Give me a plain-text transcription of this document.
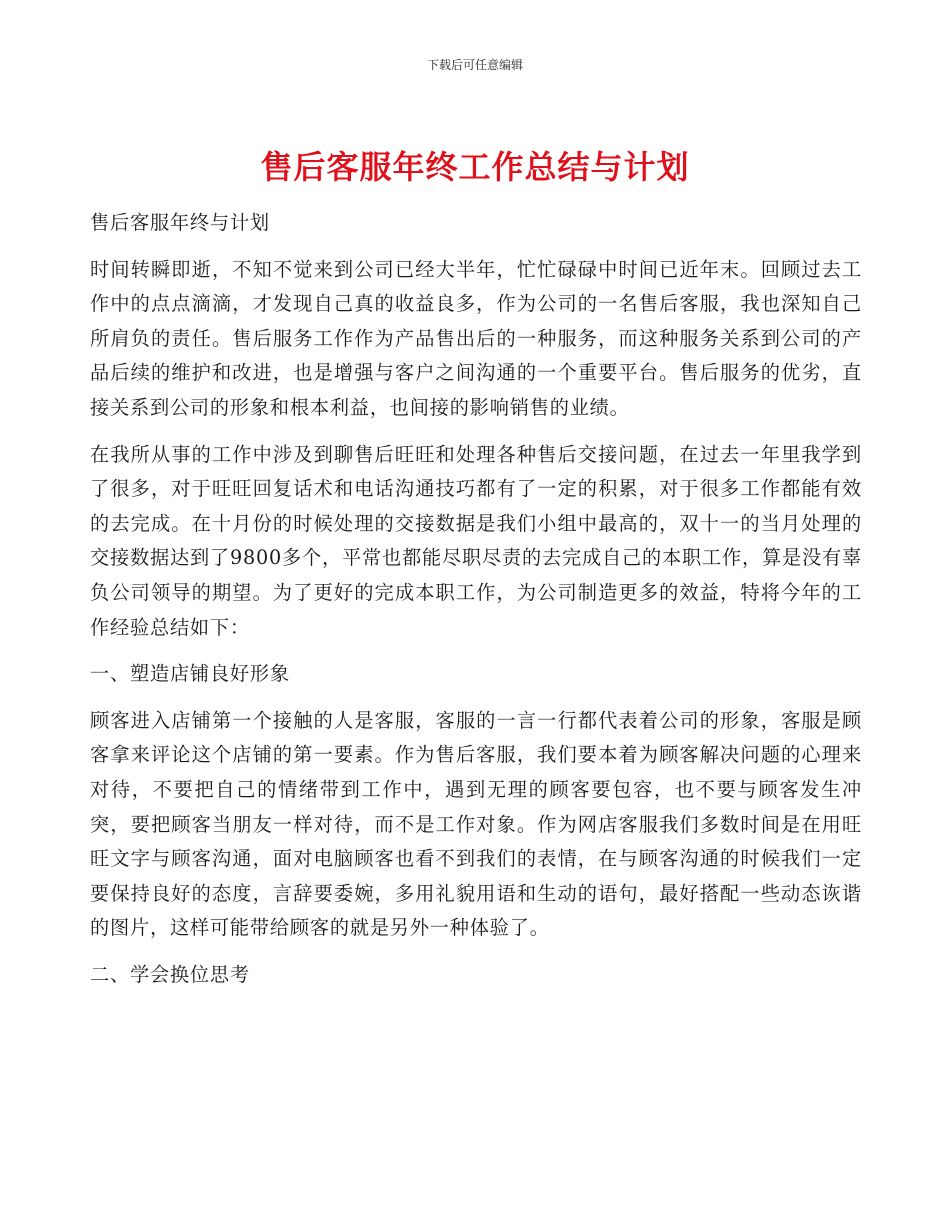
下载后可任意编辑
售后客服年终工作总结与计划

售后客服年终与计划

时间转瞬即逝，不知不觉来到公司已经大半年，忙忙碌碌中时间已近年末。回顾过去工作中的点点滴滴，才发现自己真的收益良多，作为公司的一名售后客服，我也深知自己所肩负的责任。售后服务工作作为产品售出后的一种服务，而这种服务关系到公司的产品后续的维护和改进，也是增强与客户之间沟通的一个重要平台。售后服务的优劣，直接关系到公司的形象和根本利益，也间接的影响销售的业绩。

在我所从事的工作中涉及到聊售后旺旺和处理各种售后交接问题，在过去一年里我学到了很多，对于旺旺回复话术和电话沟通技巧都有了一定的积累，对于很多工作都能有效的去完成。在十月份的时候处理的交接数据是我们小组中最高的，双十一的当月处理的交接数据达到了9800多个，平常也都能尽职尽责的去完成自己的本职工作，算是没有辜负公司领导的期望。为了更好的完成本职工作，为公司制造更多的效益，特将今年的工作经验总结如下：

一、塑造店铺良好形象

顾客进入店铺第一个接触的人是客服，客服的一言一行都代表着公司的形象，客服是顾客拿来评论这个店铺的第一要素。作为售后客服，我们要本着为顾客解决问题的心理来对待，不要把自己的情绪带到工作中，遇到无理的顾客要包容，也不要与顾客发生冲突，要把顾客当朋友一样对待，而不是工作对象。作为网店客服我们多数时间是在用旺旺文字与顾客沟通，面对电脑顾客也看不到我们的表情，在与顾客沟通的时候我们一定要保持良好的态度，言辞要委婉，多用礼貌用语和生动的语句，最好搭配一些动态诙谐的图片，这样可能带给顾客的就是另外一种体验了。

二、学会换位思考
